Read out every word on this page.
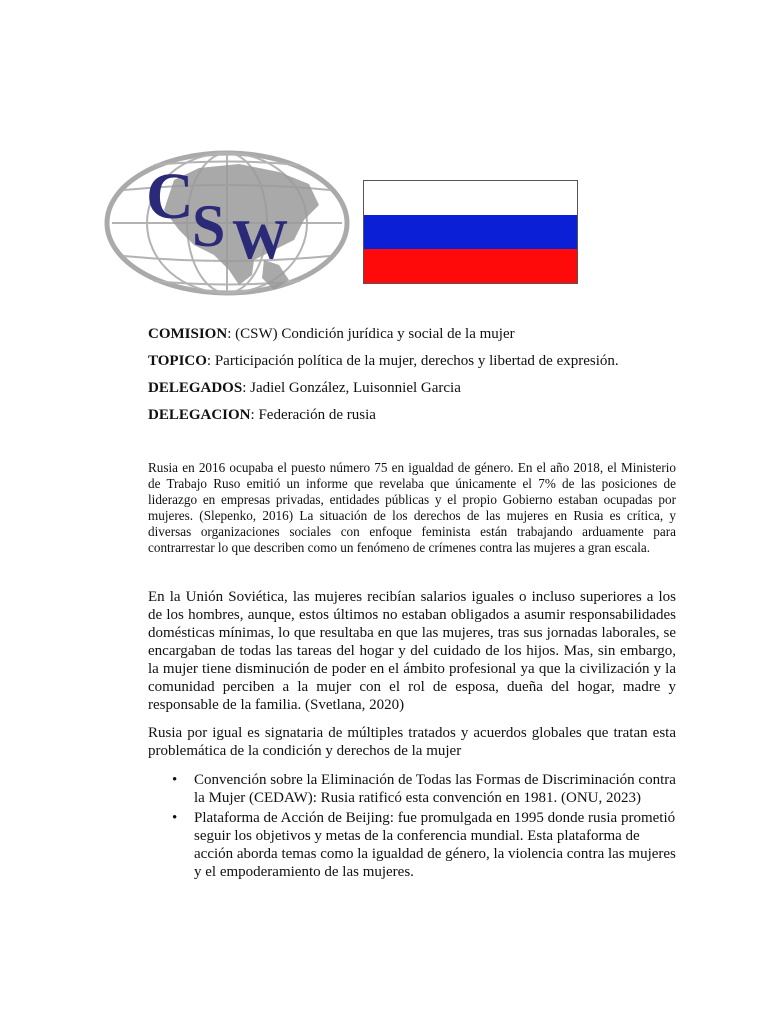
C
S W
COMISION: (CSW) Condición jurídica y social de la mujer
TOPICO: Participación política de la mujer, derechos y libertad de expresión.
DELEGADOS: Jadiel González, Luisonniel Garcia
DELEGACION: Federación de rusia

Rusia en 2016 ocupaba el puesto número 75 en igualdad de género. En el año 2018, el Ministerio de Trabajo Ruso emitió un informe que revelaba que únicamente el 7% de las posiciones de liderazgo en empresas privadas, entidades públicas y el propio Gobierno estaban ocupadas por mujeres. (Slepenko, 2016) La situación de los derechos de las mujeres en Rusia es crítica, y diversas organizaciones sociales con enfoque feminista están trabajando arduamente para contrarrestar lo que describen como un fenómeno de crímenes contra las mujeres a gran escala.

En la Unión Soviética, las mujeres recibían salarios iguales o incluso superiores a los de los hombres, aunque, estos últimos no estaban obligados a asumir responsabilidades domésticas mínimas, lo que resultaba en que las mujeres, tras sus jornadas laborales, se encargaban de todas las tareas del hogar y del cuidado de los hijos. Mas, sin embargo, la mujer tiene disminución de poder en el ámbito profesional ya que la civilización y la comunidad perciben a la mujer con el rol de esposa, dueña del hogar, madre y responsable de la familia. (Svetlana, 2020)

Rusia por igual es signataria de múltiples tratados y acuerdos globales que tratan esta problemática de la condición y derechos de la mujer

• Convención sobre la Eliminación de Todas las Formas de Discriminación contra la Mujer (CEDAW): Rusia ratificó esta convención en 1981. (ONU, 2023)
• Plataforma de Acción de Beijing: fue promulgada en 1995 donde rusia prometió seguir los objetivos y metas de la conferencia mundial. Esta plataforma de acción aborda temas como la igualdad de género, la violencia contra las mujeres y el empoderamiento de las mujeres.
